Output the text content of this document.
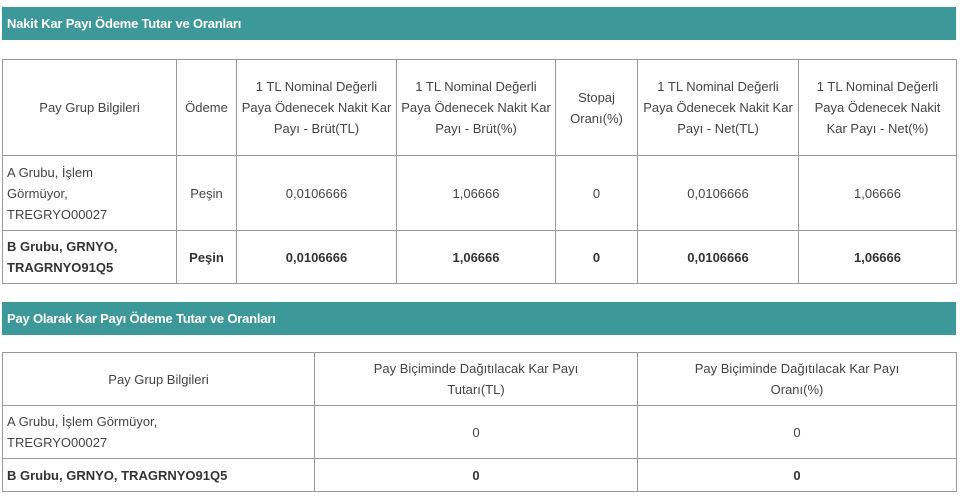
Nakit Kar Payı Ödeme Tutar ve Oranları
Pay Grup Bilgileri	Ödeme	1 TL Nominal Değerli Paya Ödenecek Nakit Kar Payı - Brüt(TL)	1 TL Nominal Değerli Paya Ödenecek Nakit Kar Payı - Brüt(%)	Stopaj Oranı(%)	1 TL Nominal Değerli Paya Ödenecek Nakit Kar Payı - Net(TL)	1 TL Nominal Değerli Paya Ödenecek Nakit Kar Payı - Net(%)
A Grubu, İşlem Görmüyor, TREGRYO00027	Peşin	0,0106666	1,06666	0	0,0106666	1,06666
B Grubu, GRNYO, TRAGRNYO91Q5	Peşin	0,0106666	1,06666	0	0,0106666	1,06666
Pay Olarak Kar Payı Ödeme Tutar ve Oranları
Pay Grup Bilgileri	Pay Biçiminde Dağıtılacak Kar Payı Tutarı(TL)	Pay Biçiminde Dağıtılacak Kar Payı Oranı(%)
A Grubu, İşlem Görmüyor, TREGRYO00027	0	0
B Grubu, GRNYO, TRAGRNYO91Q5	0	0
